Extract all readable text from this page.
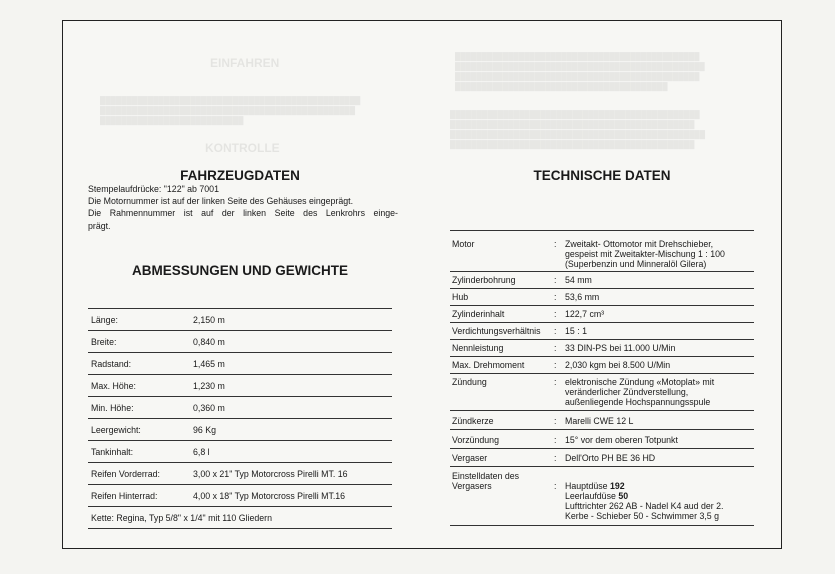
FAHRZEUGDATEN

Stempelaufdrücke: "122" ab 7001

Die Motornummer ist auf der linken Seite des Gehäuses eingeprägt.

Die Rahmennummer ist auf der linken Seite des Lenkrohrs einge-

prägt.

ABMESSUNGEN UND GEWICHTE
Länge:	2,150 m
Breite:	0,840 m
Radstand:	1,465 m
Max. Höhe:	1,230 m
Min. Höhe:	0,360 m
Leergewicht:	96 Kg
Tankinhalt:	6,8 l
Reifen Vorderrad:	3,00 x 21" Typ Motorcross Pirelli MT. 16
Reifen Hinterrad:	4,00 x 18" Typ Motorcross Pirelli MT.16
Kette: Regina, Typ 5/8" x 1/4" mit 110 Gliedern
TECHNISCHE DATEN
Motor	: Zweitakt- Ottomotor mit Drehschieber,
gespeist mit Zweitakter-Mischung 1 : 100
(Superbenzin und Minneralöl Gilera)
Zylinderbohrung	: 54 mm
Hub	: 53,6 mm
Zylinderinhalt	: 122,7 cm³
Verdichtungsverhältnis	: 15 : 1
Nennleistung	: 33 DIN-PS bei 11.000 U/Min
Max. Drehmoment	: 2,030 kgm bei 8.500 U/Min
Zündung	: elektronische Zündung «Motoplat» mit
veränderlicher Zündverstellung,
außenliegende Hochspannungsspule
Zündkerze	: Marelli CWE 12 L
Vorzündung	: 15° vor dem oberen Totpunkt
Vergaser	: Dell'Orto PH BE 36 HD
Einstelldaten des Vergasers	: Hauptdüse 192
Leerlaufdüse 50
Lufttrichter 262 AB - Nadel K4 aud der 2.
Kerbe - Schieber 50 - Schwimmer 3,5 g
